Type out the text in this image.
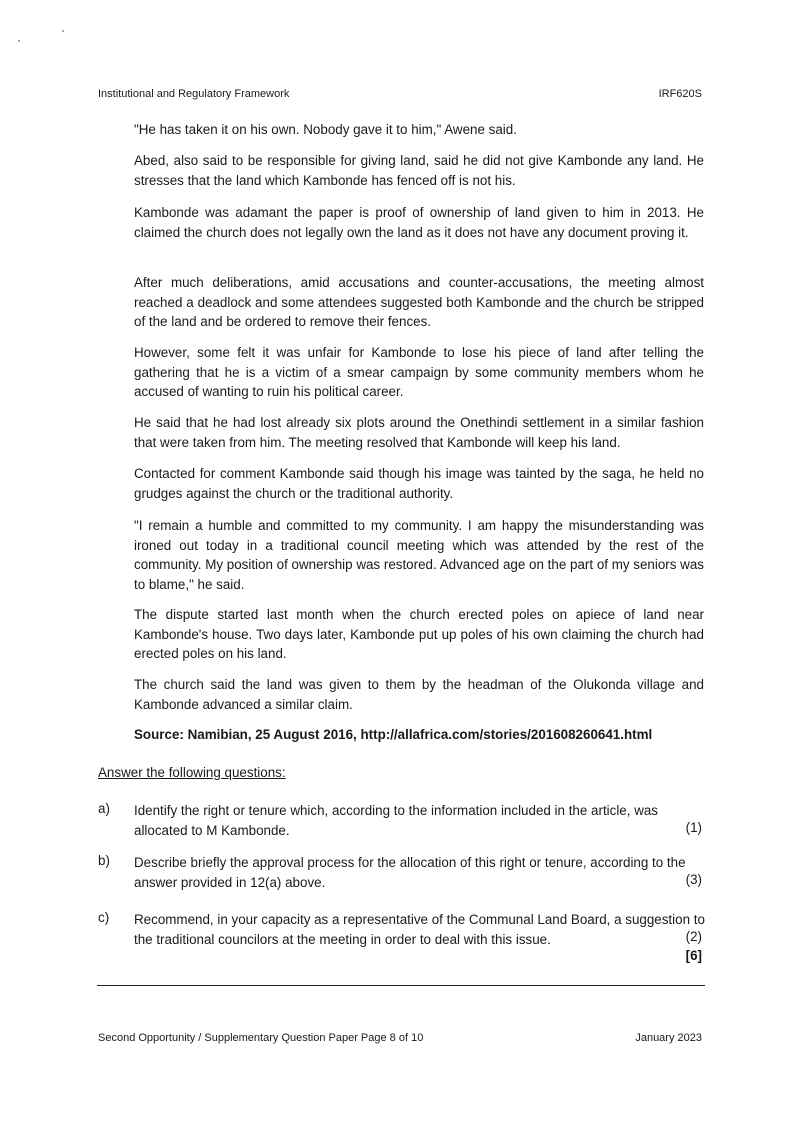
Institutional and Regulatory Framework	IRF620S

"He has taken it on his own. Nobody gave it to him," Awene said.

Abed, also said to be responsible for giving land, said he did not give Kambonde any land. He stresses that the land which Kambonde has fenced off is not his.

Kambonde was adamant the paper is proof of ownership of land given to him in 2013. He claimed the church does not legally own the land as it does not have any document proving it.

After much deliberations, amid accusations and counter-accusations, the meeting almost reached a deadlock and some attendees suggested both Kambonde and the church be stripped of the land and be ordered to remove their fences.

However, some felt it was unfair for Kambonde to lose his piece of land after telling the gathering that he is a victim of a smear campaign by some community members whom he accused of wanting to ruin his political career.

He said that he had lost already six plots around the Onethindi settlement in a similar fashion that were taken from him. The meeting resolved that Kambonde will keep his land.

Contacted for comment Kambonde said though his image was tainted by the saga, he held no grudges against the church or the traditional authority.

"I remain a humble and committed to my community. I am happy the misunderstanding was ironed out today in a traditional council meeting which was attended by the rest of the community. My position of ownership was restored. Advanced age on the part of my seniors was to blame," he said.

The dispute started last month when the church erected poles on apiece of land near Kambonde's house. Two days later, Kambonde put up poles of his own claiming the church had erected poles on his land.

The church said the land was given to them by the headman of the Olukonda village and Kambonde advanced a similar claim.

Source: Namibian, 25 August 2016, http://allafrica.com/stories/201608260641.html

Answer the following questions:

a) Identify the right or tenure which, according to the information included in the article, was allocated to M Kambonde.	(1)

b) Describe briefly the approval process for the allocation of this right or tenure, according to the answer provided in 12(a) above.	(3)

c) Recommend, in your capacity as a representative of the Communal Land Board, a suggestion to the traditional councilors at the meeting in order to deal with this issue.	(2)

[6]

Second Opportunity / Supplementary Question Paper Page 8 of 10	January 2023
